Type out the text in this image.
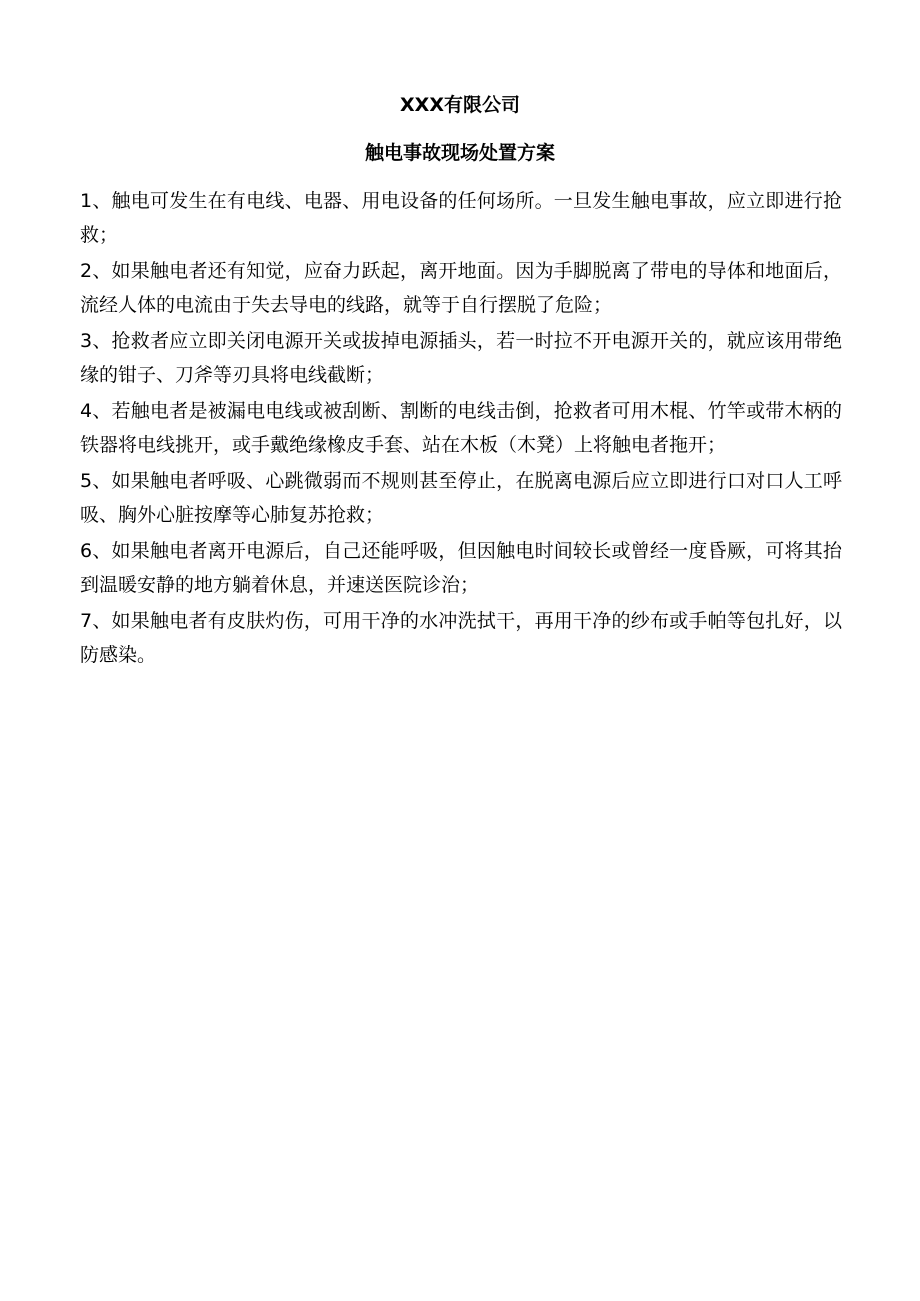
XXX有限公司

触电事故现场处置方案

1、触电可发生在有电线、电器、用电设备的任何场所。一旦发生触电事故，应立即进行抢救；
2、如果触电者还有知觉，应奋力跃起，离开地面。因为手脚脱离了带电的导体和地面后，流经人体的电流由于失去导电的线路，就等于自行摆脱了危险；
3、抢救者应立即关闭电源开关或拔掉电源插头，若一时拉不开电源开关的，就应该用带绝缘的钳子、刀斧等刃具将电线截断；
4、若触电者是被漏电电线或被刮断、割断的电线击倒，抢救者可用木棍、竹竿或带木柄的铁器将电线挑开，或手戴绝缘橡皮手套、站在木板（木凳）上将触电者拖开；
5、如果触电者呼吸、心跳微弱而不规则甚至停止，在脱离电源后应立即进行口对口人工呼吸、胸外心脏按摩等心肺复苏抢救；
6、如果触电者离开电源后，自己还能呼吸，但因触电时间较长或曾经一度昏厥，可将其抬到温暖安静的地方躺着休息，并速送医院诊治；
7、如果触电者有皮肤灼伤，可用干净的水冲洗拭干，再用干净的纱布或手帕等包扎好，以防感染。
